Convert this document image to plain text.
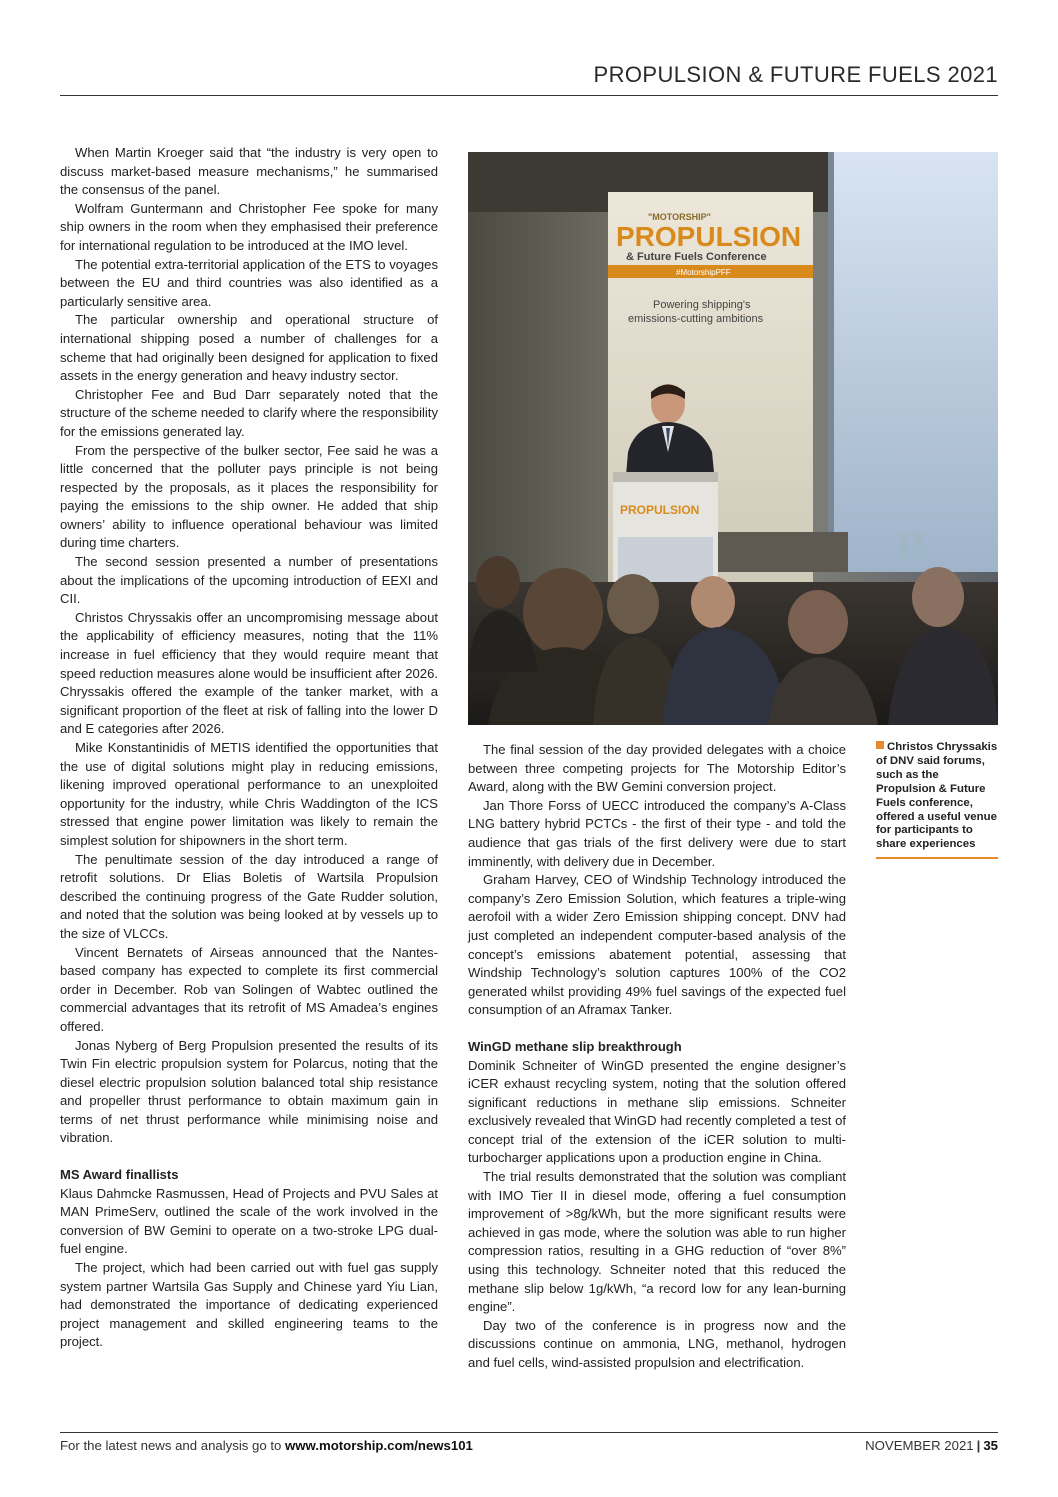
PROPULSION & FUTURE FUELS 2021

When Martin Kroeger said that “the industry is very open to discuss market-based measure mechanisms,” he summarised the consensus of the panel.

Wolfram Guntermann and Christopher Fee spoke for many ship owners in the room when they emphasised their preference for international regulation to be introduced at the IMO level.

The potential extra-territorial application of the ETS to voyages between the EU and third countries was also identified as a particularly sensitive area.

The particular ownership and operational structure of international shipping posed a number of challenges for a scheme that had originally been designed for application to fixed assets in the energy generation and heavy industry sector.

Christopher Fee and Bud Darr separately noted that the structure of the scheme needed to clarify where the responsibility for the emissions generated lay.

From the perspective of the bulker sector, Fee said he was a little concerned that the polluter pays principle is not being respected by the proposals, as it places the responsibility for paying the emissions to the ship owner. He added that ship owners’ ability to influence operational behaviour was limited during time charters.

The second session presented a number of presentations about the implications of the upcoming introduction of EEXI and CII.

Christos Chryssakis offer an uncompromising message about the applicability of efficiency measures, noting that the 11% increase in fuel efficiency that they would require meant that speed reduction measures alone would be insufficient after 2026. Chryssakis offered the example of the tanker market, with a significant proportion of the fleet at risk of falling into the lower D and E categories after 2026.

Mike Konstantinidis of METIS identified the opportunities that the use of digital solutions might play in reducing emissions, likening improved operational performance to an unexploited opportunity for the industry, while Chris Waddington of the ICS stressed that engine power limitation was likely to remain the simplest solution for shipowners in the short term.

The penultimate session of the day introduced a range of retrofit solutions. Dr Elias Boletis of Wartsila Propulsion described the continuing progress of the Gate Rudder solution, and noted that the solution was being looked at by vessels up to the size of VLCCs.

Vincent Bernatets of Airseas announced that the Nantes-based company has expected to complete its first commercial order in December. Rob van Solingen of Wabtec outlined the commercial advantages that its retrofit of MS Amadea’s engines offered.

Jonas Nyberg of Berg Propulsion presented the results of its Twin Fin electric propulsion system for Polarcus, noting that the diesel electric propulsion solution balanced total ship resistance and propeller thrust performance to obtain maximum gain in terms of net thrust performance while minimising noise and vibration.

MS Award finallists

Klaus Dahmcke Rasmussen, Head of Projects and PVU Sales at MAN PrimeServ, outlined the scale of the work involved in the conversion of BW Gemini to operate on a two-stroke LPG dual-fuel engine.

The project, which had been carried out with fuel gas supply system partner Wartsila Gas Supply and Chinese yard Yiu Lian, had demonstrated the importance of dedicating experienced project management and skilled engineering teams to the project.

"MOTORSHIP"
PROPULSION
& Future Fuels Conference
#MotorshipPFF
Powering shipping's
emissions-cutting ambitions
PROPULSION

The final session of the day provided delegates with a choice between three competing projects for The Motorship Editor’s Award, along with the BW Gemini conversion project.

Jan Thore Forss of UECC introduced the company’s A-Class LNG battery hybrid PCTCs - the first of their type - and told the audience that gas trials of the first delivery were due to start imminently, with delivery due in December.

Graham Harvey, CEO of Windship Technology introduced the company’s Zero Emission Solution, which features a triple-wing aerofoil with a wider Zero Emission shipping concept. DNV had just completed an independent computer-based analysis of the concept’s emissions abatement potential, assessing that Windship Technology’s solution captures 100% of the CO2 generated whilst providing 49% fuel savings of the expected fuel consumption of an Aframax Tanker.

WinGD methane slip breakthrough

Dominik Schneiter of WinGD presented the engine designer’s iCER exhaust recycling system, noting that the solution offered significant reductions in methane slip emissions. Schneiter exclusively revealed that WinGD had recently completed a test of concept trial of the extension of the iCER solution to multi-turbocharger applications upon a production engine in China.

The trial results demonstrated that the solution was compliant with IMO Tier II in diesel mode, offering a fuel consumption improvement of >8g/kWh, but the more significant results were achieved in gas mode, where the solution was able to run higher compression ratios, resulting in a GHG reduction of “over 8%” using this technology. Schneiter noted that this reduced the methane slip below 1g/kWh, “a record low for any lean-burning engine”.

Day two of the conference is in progress now and the discussions continue on ammonia, LNG, methanol, hydrogen and fuel cells, wind-assisted propulsion and electrification.

Christos Chryssakis of DNV said forums, such as the Propulsion & Future Fuels conference, offered a useful venue for participants to share experiences
For the latest news and analysis go to www.motorship.com/news101	NOVEMBER 2021 | 35
